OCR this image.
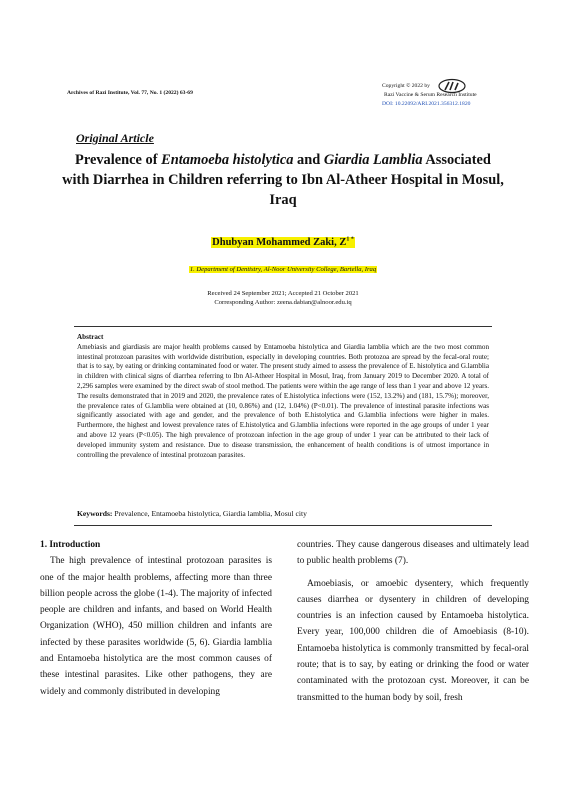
Archives of Razi Institute, Vol. 77, No. 1 (2022) 63-69
Copyright © 2022 by
Razi Vaccine & Serum Research Institute
DOI: 10.22092/ARI.2021.356312.1820
Original Article
Prevalence of Entamoeba histolytica and Giardia Lamblia Associated with Diarrhea in Children referring to Ibn Al-Atheer Hospital in Mosul, Iraq
Dhubyan Mohammed Zaki, $Z^{1 *}$
1. Department of Dentistry, Al-Noor University College, Bartella, Iraq
Received 24 September 2021; Accepted 21 October 2021
Corresponding Author: zeena.dabian@alnoor.edu.iq
Abstract
Amebiasis and giardiasis are major health problems caused by Entamoeba histolytica and Giardia lamblia which are the two most common intestinal protozoan parasites with worldwide distribution, especially in developing countries. Both protozoa are spread by the fecal-oral route; that is to say, by eating or drinking contaminated food or water. The present study aimed to assess the prevalence of E. histolytica and G.lamblia in children with clinical signs of diarrhea referring to Ibn Al-Atheer Hospital in Mosul, Iraq, from January 2019 to December 2020. A total of 2,296 samples were examined by the direct swab of stool method. The patients were within the age range of less than 1 year and above 12 years. The results demonstrated that in 2019 and 2020, the prevalence rates of E.histolytica infections were (152, 13.2%) and (181, 15.7%); moreover, the prevalence rates of G.lamblia were obtained at (10, 0.86%) and (12, 1.04%) (P<0.01). The prevalence of intestinal parasite infections was significantly associated with age and gender, and the prevalence of both E.histolytica and G.lamblia infections were higher in males. Furthermore, the highest and lowest prevalence rates of E.histolytica and G.lamblia infections were reported in the age groups of under 1 year and above 12 years (P<0.05). The high prevalence of protozoan infection in the age group of under 1 year can be attributed to their lack of developed immunity system and resistance. Due to disease transmission, the enhancement of health conditions is of utmost importance in controlling the prevalence of intestinal protozoan parasites.
Keywords: Prevalence, Entamoeba histolytica, Giardia lamblia, Mosul city
1. Introduction

The high prevalence of intestinal protozoan parasites is one of the major health problems, affecting more than three billion people across the globe (1-4). The majority of infected people are children and infants, and based on World Health Organization (WHO), 450 million children and infants are infected by these parasites worldwide (5, 6). Giardia lamblia and Entamoeba histolytica are the most common causes of these intestinal parasites. Like other pathogens, they are widely and commonly distributed in developing

countries. They cause dangerous diseases and ultimately lead to public health problems (7).

Amoebiasis, or amoebic dysentery, which frequently causes diarrhea or dysentery in children of developing countries is an infection caused by Entamoeba histolytica. Every year, 100,000 children die of Amoebiasis (8-10). Entamoeba histolytica is commonly transmitted by fecal-oral route; that is to say, by eating or drinking the food or water contaminated with the protozoan cyst. Moreover, it can be transmitted to the human body by soil, fresh
